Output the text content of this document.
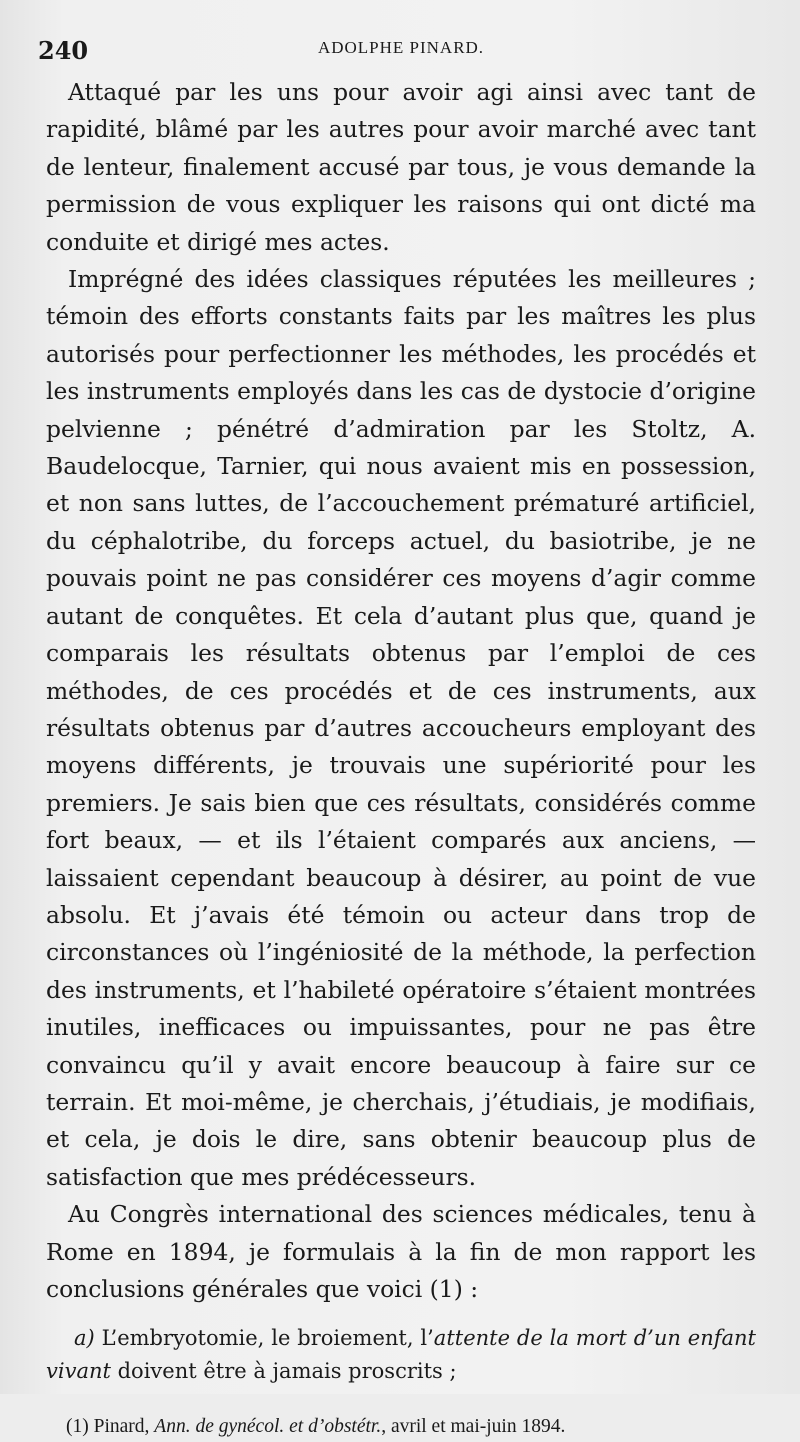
240	ADOLPHE PINARD.

Attaqué par les uns pour avoir agi ainsi avec tant de rapidité, blâmé par les autres pour avoir marché avec tant de lenteur, finalement accusé par tous, je vous demande la permission de vous expliquer les raisons qui ont dicté ma conduite et dirigé mes actes.

Imprégné des idées classiques réputées les meilleures ; témoin des efforts constants faits par les maîtres les plus autorisés pour perfectionner les méthodes, les procédés et les instruments employés dans les cas de dystocie d’origine pelvienne ; pénétré d’admiration par les Stoltz, A. Baudelocque, Tarnier, qui nous avaient mis en possession, et non sans luttes, de l’accouchement prématuré artificiel, du céphalotribe, du forceps actuel, du basiotribe, je ne pouvais point ne pas considérer ces moyens d’agir comme autant de conquêtes. Et cela d’autant plus que, quand je comparais les résultats obtenus par l’emploi de ces méthodes, de ces procédés et de ces instruments, aux résultats obtenus par d’autres accoucheurs employant des moyens différents, je trouvais une supériorité pour les premiers. Je sais bien que ces résultats, considérés comme fort beaux, — et ils l’étaient comparés aux anciens, — laissaient cependant beaucoup à désirer, au point de vue absolu. Et j’avais été témoin ou acteur dans trop de circonstances où l’ingéniosité de la méthode, la perfection des instruments, et l’habileté opératoire s’étaient montrées inutiles, inefficaces ou impuissantes, pour ne pas être convaincu qu’il y avait encore beaucoup à faire sur ce terrain. Et moi-même, je cherchais, j’étudiais, je modifiais, et cela, je dois le dire, sans obtenir beaucoup plus de satisfaction que mes prédécesseurs.

Au Congrès international des sciences médicales, tenu à Rome en 1894, je formulais à la fin de mon rapport les conclusions générales que voici (1) :

a) L’embryotomie, le broiement, l’attente de la mort d’un enfant vivant doivent être à jamais proscrits ;
(1) Pinard, Ann. de gynécol. et d’obstétr., avril et mai-juin 1894.
